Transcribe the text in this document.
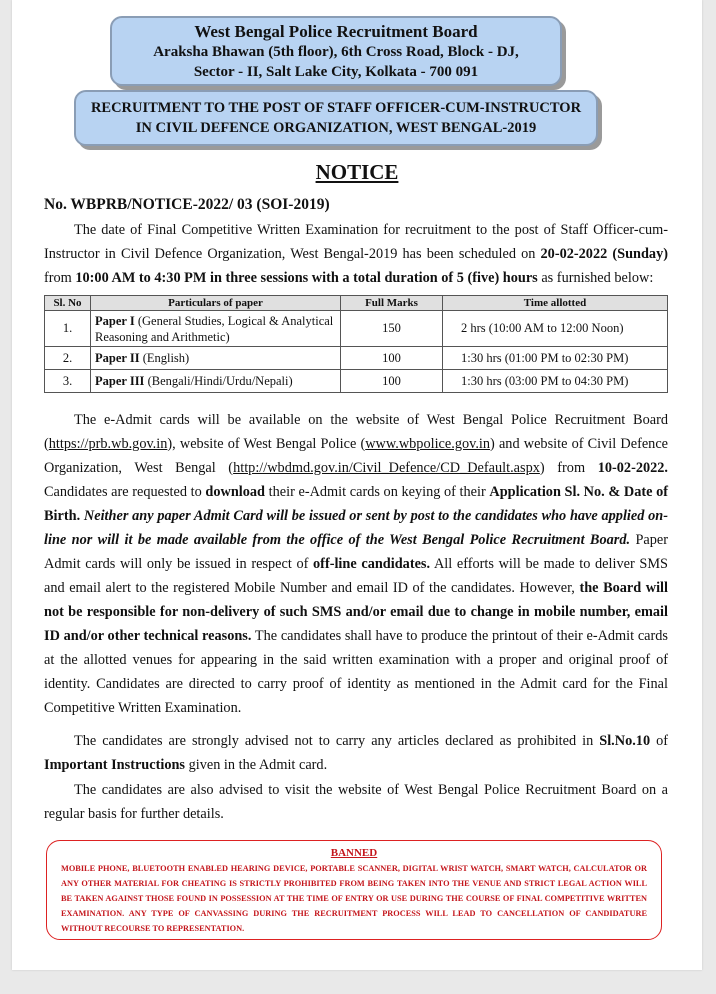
West Bengal Police Recruitment Board
Araksha Bhawan (5th floor), 6th Cross Road, Block - DJ,
Sector - II, Salt Lake City, Kolkata - 700 091
RECRUITMENT TO THE POST OF STAFF OFFICER-CUM-INSTRUCTOR
IN CIVIL DEFENCE ORGANIZATION, WEST BENGAL-2019
NOTICE
No. WBPRB/NOTICE-2022/ 03 (SOI-2019)
The date of Final Competitive Written Examination for recruitment to the post of Staff Officer-cum-Instructor in Civil Defence Organization, West Bengal-2019 has been scheduled on 20-02-2022 (Sunday) from 10:00 AM to 4:30 PM in three sessions with a total duration of 5 (five) hours as furnished below:
Sl. No	Particulars of paper	Full Marks	Time allotted
1.	Paper I (General Studies, Logical & Analytical Reasoning and Arithmetic)	150	2 hrs (10:00 AM to 12:00 Noon)
2.	Paper II (English)	100	1:30 hrs (01:00 PM to 02:30 PM)
3.	Paper III (Bengali/Hindi/Urdu/Nepali)	100	1:30 hrs (03:00 PM to 04:30 PM)
The e-Admit cards will be available on the website of West Bengal Police Recruitment Board (https://prb.wb.gov.in), website of West Bengal Police (www.wbpolice.gov.in) and website of Civil Defence Organization, West Bengal (http://wbdmd.gov.in/Civil_Defence/CD_Default.aspx) from 10-02-2022. Candidates are requested to download their e-Admit cards on keying of their Application Sl. No. & Date of Birth. Neither any paper Admit Card will be issued or sent by post to the candidates who have applied on-line nor will it be made available from the office of the West Bengal Police Recruitment Board. Paper Admit cards will only be issued in respect of off-line candidates. All efforts will be made to deliver SMS and email alert to the registered Mobile Number and email ID of the candidates. However, the Board will not be responsible for non-delivery of such SMS and/or email due to change in mobile number, email ID and/or other technical reasons. The candidates shall have to produce the printout of their e-Admit cards at the allotted venues for appearing in the said written examination with a proper and original proof of identity. Candidates are directed to carry proof of identity as mentioned in the Admit card for the Final Competitive Written Examination.
The candidates are strongly advised not to carry any articles declared as prohibited in Sl.No.10 of Important Instructions given in the Admit card.
The candidates are also advised to visit the website of West Bengal Police Recruitment Board on a regular basis for further details.
BANNED
MOBILE PHONE, BLUETOOTH ENABLED HEARING DEVICE, PORTABLE SCANNER, DIGITAL WRIST WATCH, SMART WATCH, CALCULATOR OR ANY OTHER MATERIAL FOR CHEATING IS STRICTLY PROHIBITED FROM BEING TAKEN INTO THE VENUE AND STRICT LEGAL ACTION WILL BE TAKEN AGAINST THOSE FOUND IN POSSESSION AT THE TIME OF ENTRY OR USE DURING THE COURSE OF FINAL COMPETITIVE WRITTEN EXAMINATION. ANY TYPE OF CANVASSING DURING THE RECRUITMENT PROCESS WILL LEAD TO CANCELLATION OF CANDIDATURE WITHOUT RECOURSE TO REPRESENTATION.
